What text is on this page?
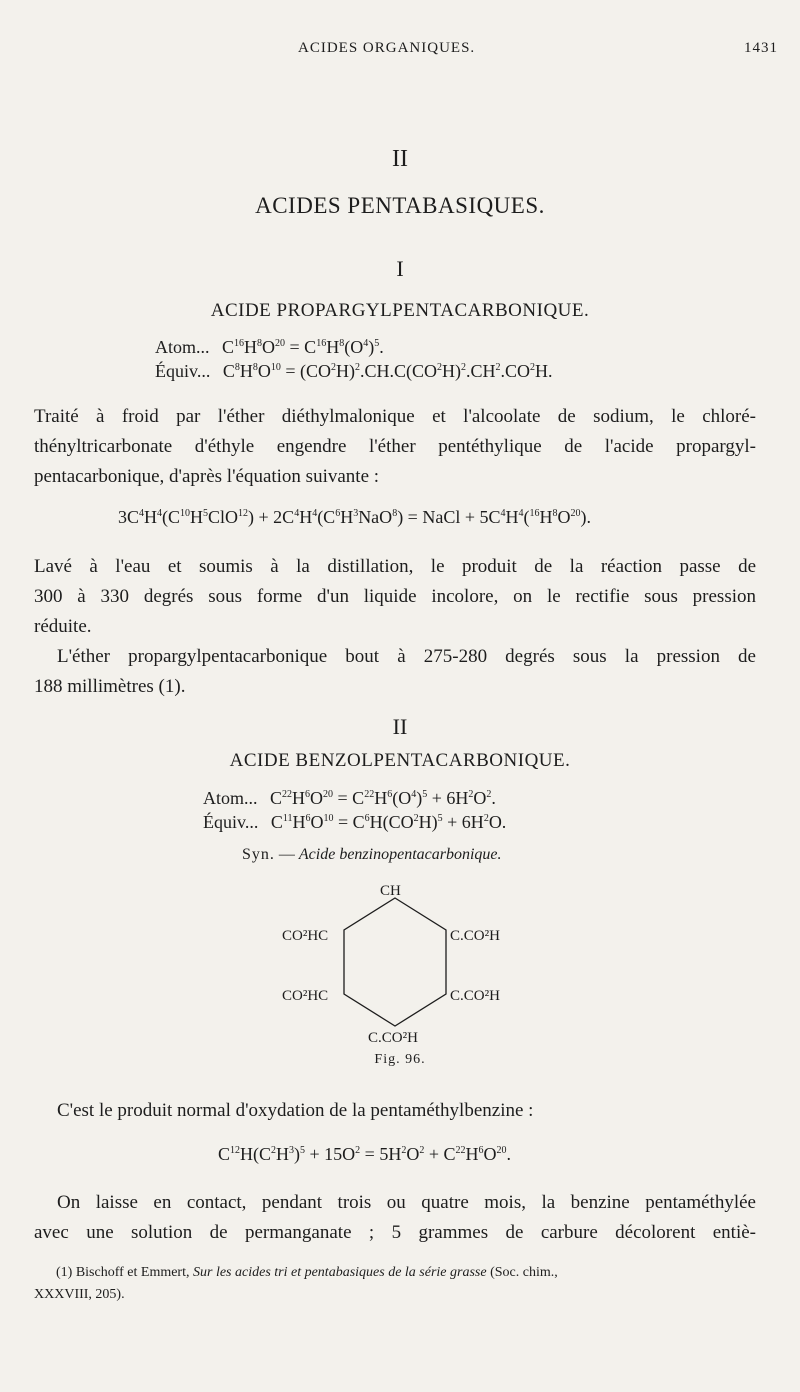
ACIDES ORGANIQUES.	1431
II
ACIDES PENTABASIQUES.
I
ACIDE PROPARGYLPENTACARBONIQUE.
Atom... $C^{16}H^8O^{20} = C^{16}H^8(O^4)^5$.
Équiv... $C^8H^8O^{10} = (CO^2H)^2.CH.C(CO^2H)^2.CH^2.CO^2H$.
Traité à froid par l'éther diéthylmalonique et l'alcoolate de sodium, le chloré-
thényltricarbonate d'éthyle engendre l'éther pentéthylique de l'acide propargyl-
pentacarbonique, d'après l'équation suivante :
$3C^4H^4(C^{10}H^5ClO^{12}) + 2C^4H^4(C^6H^3NaO^8)$ = NaCl + $5C^4H^4(^{16}H^8O^{20})$.
Lavé à l'eau et soumis à la distillation, le produit de la réaction passe de
300 à 330 degrés sous forme d'un liquide incolore, on le rectifie sous pression
réduite.
L'éther propargylpentacarbonique bout à 275-280 degrés sous la pression de
188 millimètres (1).
II
ACIDE BENZOLPENTACARBONIQUE.
Atom... $C^{22}H^6O^{20} = C^{22}H^6(O^4)^5 + 6H^2O^2$.
Équiv... $C^{11}H^6O^{10} = C^6H(CO^2H)^5 + 6H^2O$.
Syn. — Acide benzinopentacarbonique.
CH
CO²HC	C.CO²H
CO²HC	C.CO²H
C.CO²H
Fig. 96.
C'est le produit normal d'oxydation de la pentaméthylbenzine :
$C^{12}H(C^2H^3)^5 + 15O^2 = 5H^2O^2 + C^{22}H^6O^{20}$.
On laisse en contact, pendant trois ou quatre mois, la benzine pentaméthylée
avec une solution de permanganate ; 5 grammes de carbure décolorent entiè-
(1) Bischoff et Emmert, Sur les acides tri et pentabasiques de la série grasse (Soc. chim.,
XXXVIII, 205).
